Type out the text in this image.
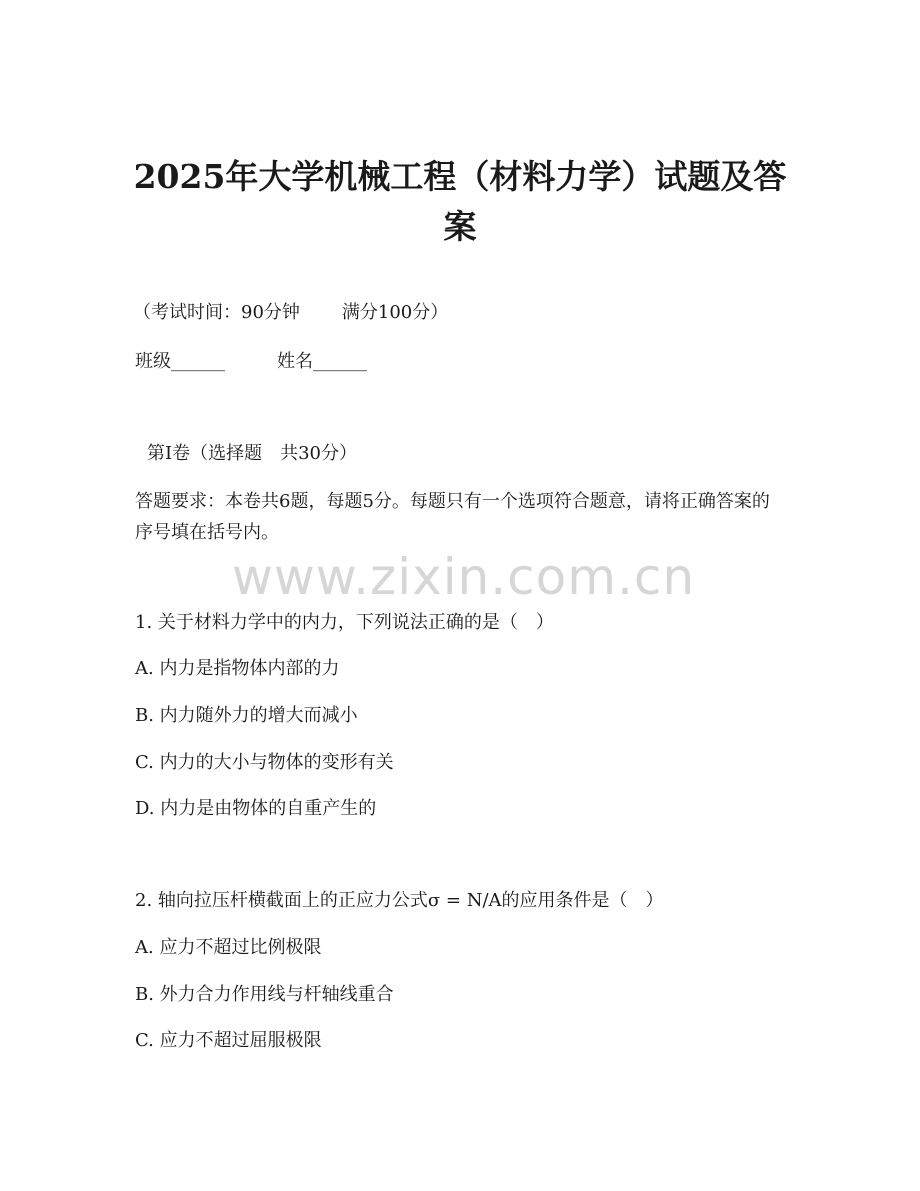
2025年大学机械工程（材料力学）试题及答案
（考试时间：90分钟 满分100分）
班级______	姓名______
第Ⅰ卷（选择题　共30分）
答题要求：本卷共6题，每题5分。每题只有一个选项符合题意，请将正确答案的序号填在括号内。
www.zixin.com.cn
1. 关于材料力学中的内力，下列说法正确的是（　）
A. 内力是指物体内部的力
B. 内力随外力的增大而减小
C. 内力的大小与物体的变形有关
D. 内力是由物体的自重产生的
2. 轴向拉压杆横截面上的正应力公式σ = N/A的应用条件是（　）
A. 应力不超过比例极限
B. 外力合力作用线与杆轴线重合
C. 应力不超过屈服极限
